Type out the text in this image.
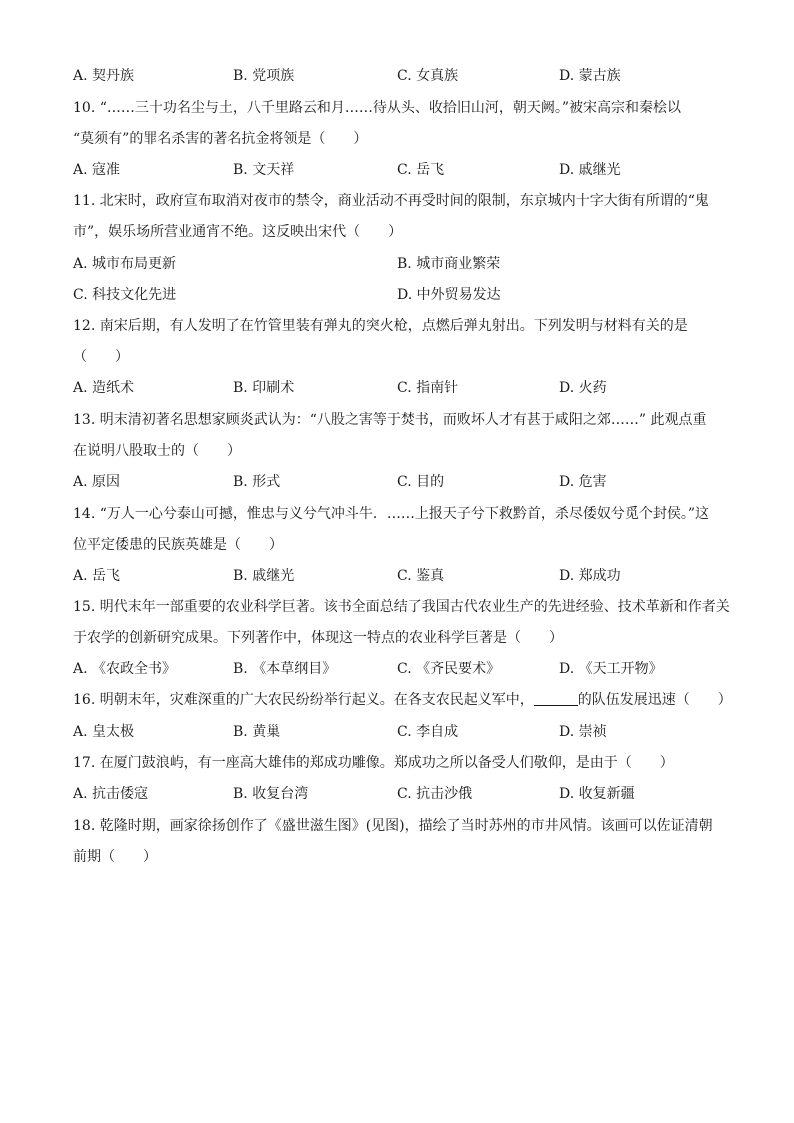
A. 契丹族	B. 党项族	C. 女真族	D. 蒙古族
10. “……三十功名尘与土，八千里路云和月……待从头、收拾旧山河，朝天阙。”被宋高宗和秦桧以
“莫须有”的罪名杀害的著名抗金将领是（　　）
A. 寇准	B. 文天祥	C. 岳飞	D. 戚继光
11. 北宋时，政府宣布取消对夜市的禁令，商业活动不再受时间的限制，东京城内十字大街有所谓的“鬼
市”，娱乐场所营业通宵不绝。这反映出宋代（　　）
A. 城市布局更新	B. 城市商业繁荣
C. 科技文化先进	D. 中外贸易发达
12. 南宋后期，有人发明了在竹管里装有弹丸的突火枪，点燃后弹丸射出。下列发明与材料有关的是
（　　）
A. 造纸术	B. 印刷术	C. 指南针	D. 火药
13. 明末清初著名思想家顾炎武认为：“八股之害等于焚书，而败坏人才有甚于咸阳之郊……” 此观点重
在说明八股取士的（　　）
A. 原因	B. 形式	C. 目的	D. 危害
14. “万人一心兮泰山可撼，惟忠与义兮气冲斗牛．……上报天子兮下救黔首，杀尽倭奴兮觅个封侯。”这
位平定倭患的民族英雄是（　　）
A. 岳飞	B. 戚继光	C. 鉴真	D. 郑成功
15. 明代末年一部重要的农业科学巨著。该书全面总结了我国古代农业生产的先进经验、技术革新和作者关
于农学的创新研究成果。下列著作中，体现这一特点的农业科学巨著是（　　）
A. 《农政全书》	B. 《本草纲目》	C. 《齐民要术》	D. 《天工开物》
16. 明朝末年，灾难深重的广大农民纷纷举行起义。在各支农民起义军中，	的队伍发展迅速（　　）
A. 皇太极	B. 黄巢	C. 李自成	D. 崇祯
17. 在厦门鼓浪屿，有一座高大雄伟的郑成功雕像。郑成功之所以备受人们敬仰，是由于（　　）
A. 抗击倭寇	B. 收复台湾	C. 抗击沙俄	D. 收复新疆
18. 乾隆时期，画家徐扬创作了《盛世滋生图》(见图)，描绘了当时苏州的市井风情。该画可以佐证清朝
前期（　　）
